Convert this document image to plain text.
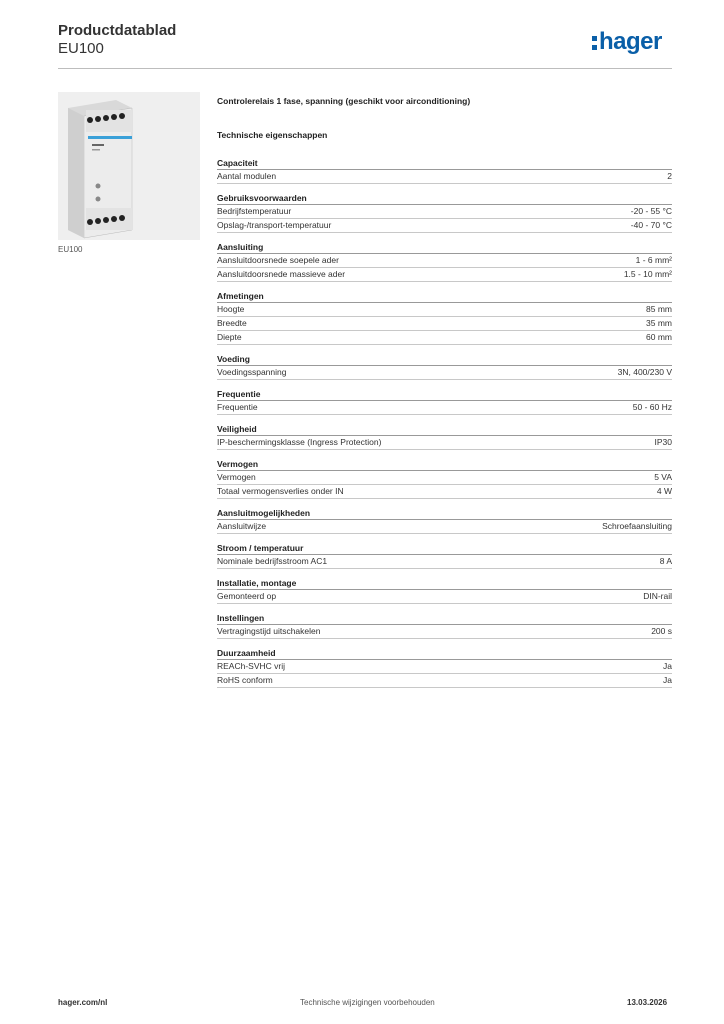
Productdatablad
EU100	hager
EU100
Controlerelais 1 fase, spanning (geschikt voor airconditioning)
Technische eigenschappen
Capaciteit
Aantal modulen	2
Gebruiksvoorwaarden
Bedrijfstemperatuur	-20 - 55 °C
Opslag-/transport-temperatuur	-40 - 70 °C
Aansluiting
Aansluitdoorsnede soepele ader	1 - 6 mm²
Aansluitdoorsnede massieve ader	1.5 - 10 mm²
Afmetingen
Hoogte	85 mm
Breedte	35 mm
Diepte	60 mm
Voeding
Voedingsspanning	3N, 400/230 V
Frequentie
Frequentie	50 - 60 Hz
Veiligheid
IP-beschermingsklasse (Ingress Protection)	IP30
Vermogen
Vermogen	5 VA
Totaal vermogensverlies onder IN	4 W
Aansluitmogelijkheden
Aansluitwijze	Schroefaansluiting
Stroom / temperatuur
Nominale bedrijfsstroom AC1	8 A
Installatie, montage
Gemonteerd op	DIN-rail
Instellingen
Vertragingstijd uitschakelen	200 s
Duurzaamheid
REACh-SVHC vrij	Ja
RoHS conform	Ja
hager.com/nl	Technische wijzigingen voorbehouden	13.03.2026
